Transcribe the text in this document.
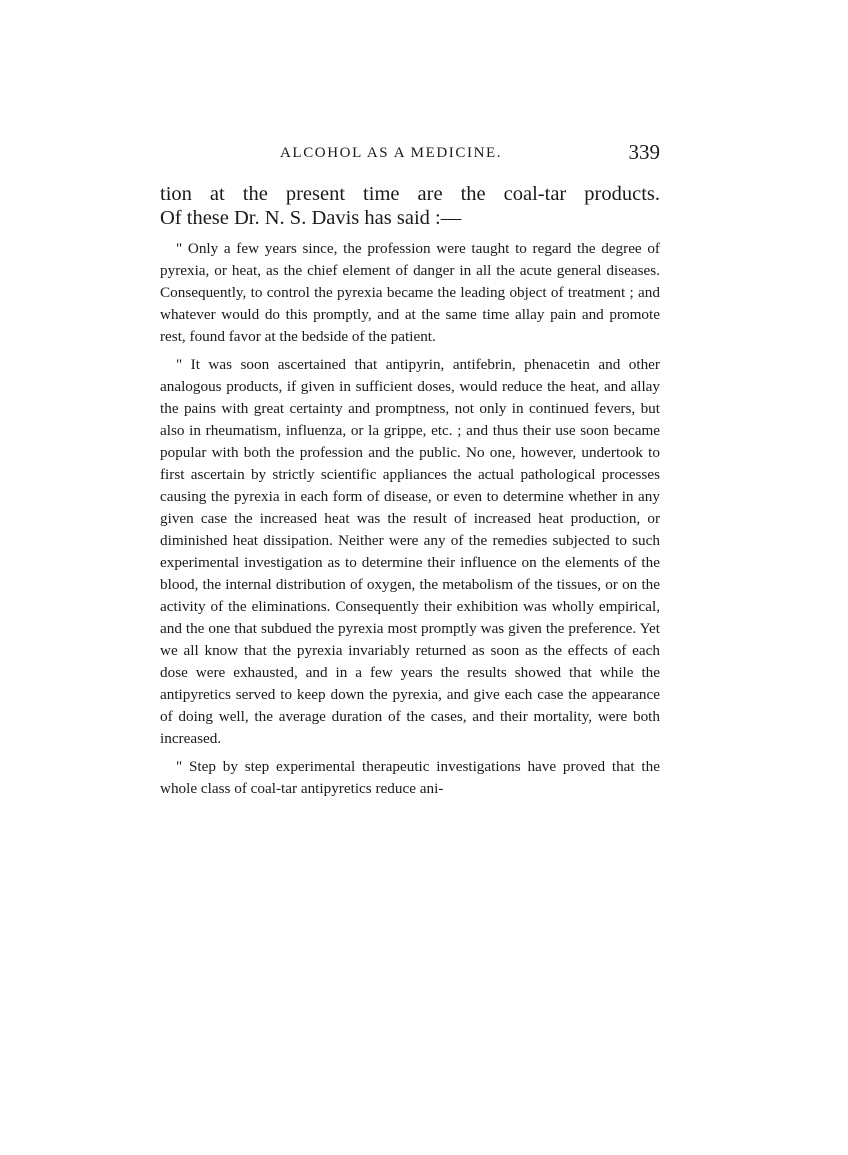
ALCOHOL AS A MEDICINE.	339
tion at the present time are the coal-tar products.
Of these Dr. N. S. Davis has said :—

" Only a few years since, the profession were taught to regard the degree of pyrexia, or heat, as the chief element of danger in all the acute general diseases. Consequently, to control the pyrexia became the leading object of treatment ; and whatever would do this promptly, and at the same time allay pain and promote rest, found favor at the bedside of the patient.

" It was soon ascertained that antipyrin, antifebrin, phenacetin and other analogous products, if given in sufficient doses, would reduce the heat, and allay the pains with great certainty and promptness, not only in continued fevers, but also in rheumatism, influenza, or la grippe, etc. ; and thus their use soon became popular with both the profession and the public. No one, however, undertook to first ascertain by strictly scientific appliances the actual pathological processes causing the pyrexia in each form of disease, or even to determine whether in any given case the increased heat was the result of increased heat production, or diminished heat dissipation. Neither were any of the remedies subjected to such experimental investigation as to determine their influence on the elements of the blood, the internal distribution of oxygen, the metabolism of the tissues, or on the activity of the eliminations. Consequently their exhibition was wholly empirical, and the one that subdued the pyrexia most promptly was given the preference. Yet we all know that the pyrexia invariably returned as soon as the effects of each dose were exhausted, and in a few years the results showed that while the antipyretics served to keep down the pyrexia, and give each case the appearance of doing well, the average duration of the cases, and their mortality, were both increased.

" Step by step experimental therapeutic investigations have proved that the whole class of coal-tar antipyretics reduce ani-
